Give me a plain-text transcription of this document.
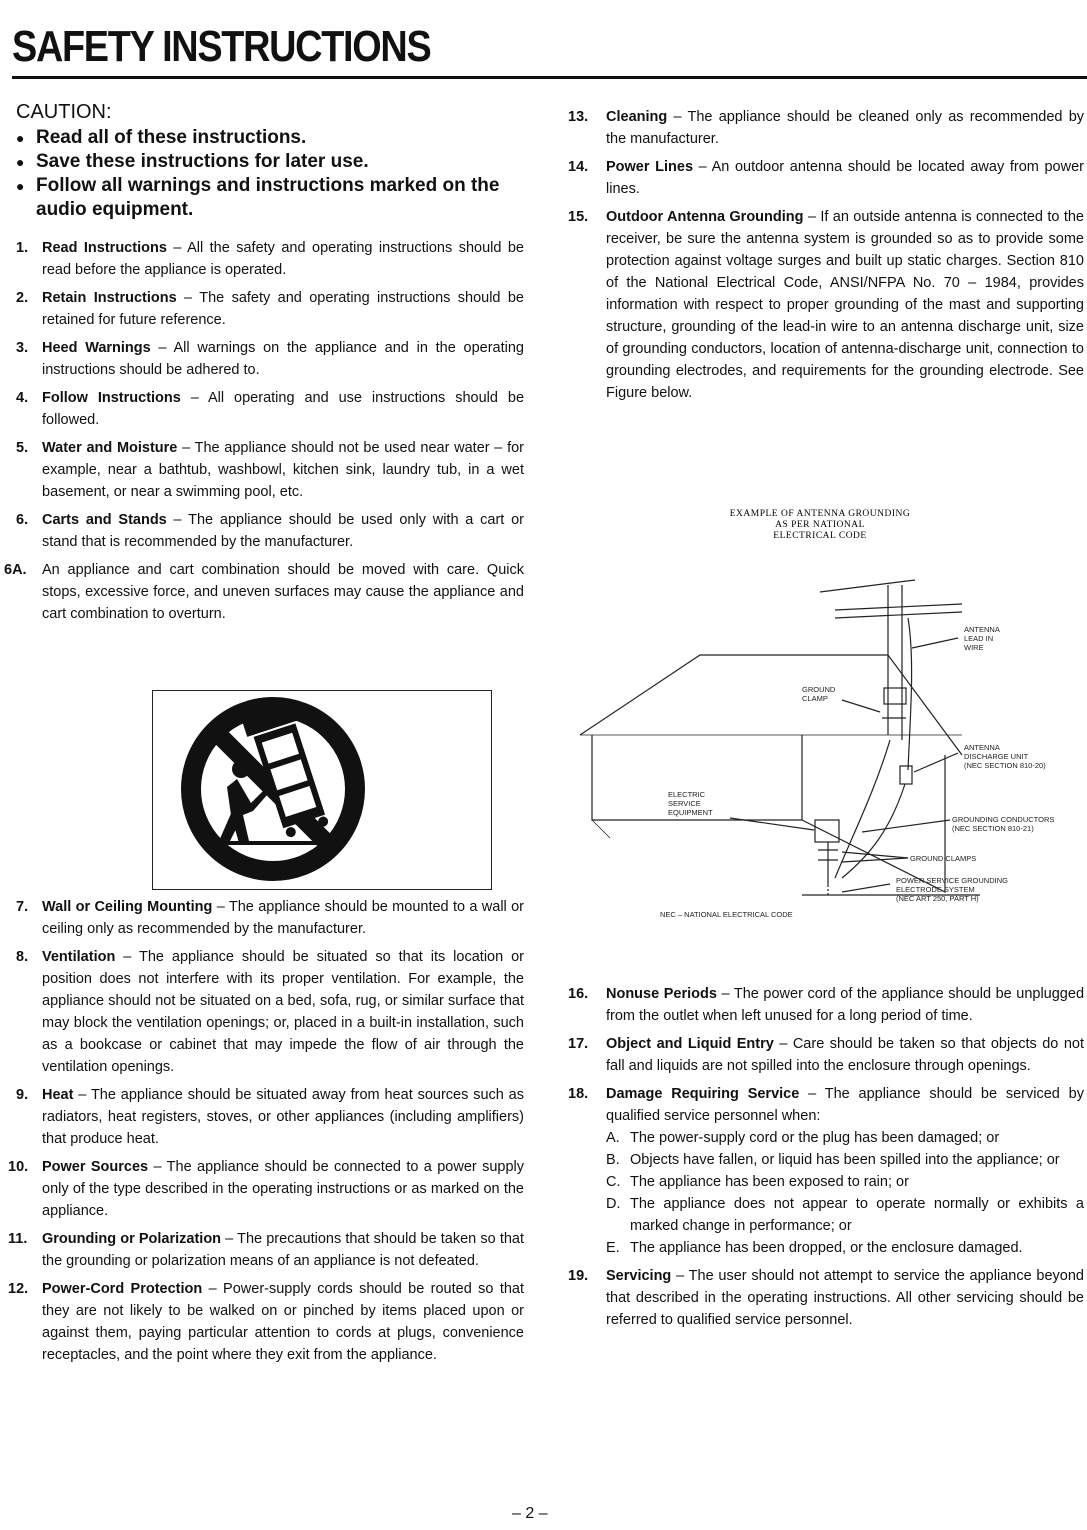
SAFETY INSTRUCTIONS
CAUTION:
● Read all of these instructions.
● Save these instructions for later use.
● Follow all warnings and instructions marked on the audio equipment.
1. Read Instructions – All the safety and operating instructions should be read before the appliance is operated.
2. Retain Instructions – The safety and operating instructions should be retained for future reference.
3. Heed Warnings – All warnings on the appliance and in the operating instructions should be adhered to.
4. Follow Instructions – All operating and use instructions should be followed.
5. Water and Moisture – The appliance should not be used near water – for example, near a bathtub, washbowl, kitchen sink, laundry tub, in a wet basement, or near a swimming pool, etc.
6. Carts and Stands – The appliance should be used only with a cart or stand that is recommended by the manufacturer.
6A. An appliance and cart combination should be moved with care. Quick stops, excessive force, and uneven surfaces may cause the appliance and cart combination to overturn.
7. Wall or Ceiling Mounting – The appliance should be mounted to a wall or ceiling only as recommended by the manufacturer.
8. Ventilation – The appliance should be situated so that its location or position does not interfere with its proper ventilation. For example, the appliance should not be situated on a bed, sofa, rug, or similar surface that may block the ventilation openings; or, placed in a built-in installation, such as a bookcase or cabinet that may impede the flow of air through the ventilation openings.
9. Heat – The appliance should be situated away from heat sources such as radiators, heat registers, stoves, or other appliances (including amplifiers) that produce heat.
10. Power Sources – The appliance should be connected to a power supply only of the type described in the operating instructions or as marked on the appliance.
11. Grounding or Polarization – The precautions that should be taken so that the grounding or polarization means of an appliance is not defeated.
12. Power-Cord Protection – Power-supply cords should be routed so that they are not likely to be walked on or pinched by items placed upon or against them, paying particular attention to cords at plugs, convenience receptacles, and the point where they exit from the appliance.
13. Cleaning – The appliance should be cleaned only as recommended by the manufacturer.
14. Power Lines – An outdoor antenna should be located away from power lines.
15. Outdoor Antenna Grounding – If an outside antenna is connected to the receiver, be sure the antenna system is grounded so as to provide some protection against voltage surges and built up static charges. Section 810 of the National Electrical Code, ANSI/NFPA No. 70 – 1984, provides information with respect to proper grounding of the mast and supporting structure, grounding of the lead-in wire to an antenna discharge unit, size of grounding conductors, location of antenna-discharge unit, connection to grounding electrodes, and requirements for the grounding electrode. See Figure below.
EXAMPLE OF ANTENNA GROUNDING
AS PER NATIONAL
ELECTRICAL CODE
ANTENNA
LEAD IN
WIRE
GROUND
CLAMP
ANTENNA
DISCHARGE UNIT
(NEC SECTION 810-20)
ELECTRIC
SERVICE
EQUIPMENT
GROUNDING CONDUCTORS
(NEC SECTION 810-21)
GROUND CLAMPS
POWER SERVICE GROUNDING
ELECTRODE SYSTEM
(NEC ART 250, PART H)
NEC – NATIONAL ELECTRICAL CODE
16. Nonuse Periods – The power cord of the appliance should be unplugged from the outlet when left unused for a long period of time.
17. Object and Liquid Entry – Care should be taken so that objects do not fall and liquids are not spilled into the enclosure through openings.
18. Damage Requiring Service – The appliance should be serviced by qualified service personnel when:
A. The power-supply cord or the plug has been damaged; or
B. Objects have fallen, or liquid has been spilled into the appliance; or
C. The appliance has been exposed to rain; or
D. The appliance does not appear to operate normally or exhibits a marked change in performance; or
E. The appliance has been dropped, or the enclosure damaged.
19. Servicing – The user should not attempt to service the appliance beyond that described in the operating instructions. All other servicing should be referred to qualified service personnel.
– 2 –
